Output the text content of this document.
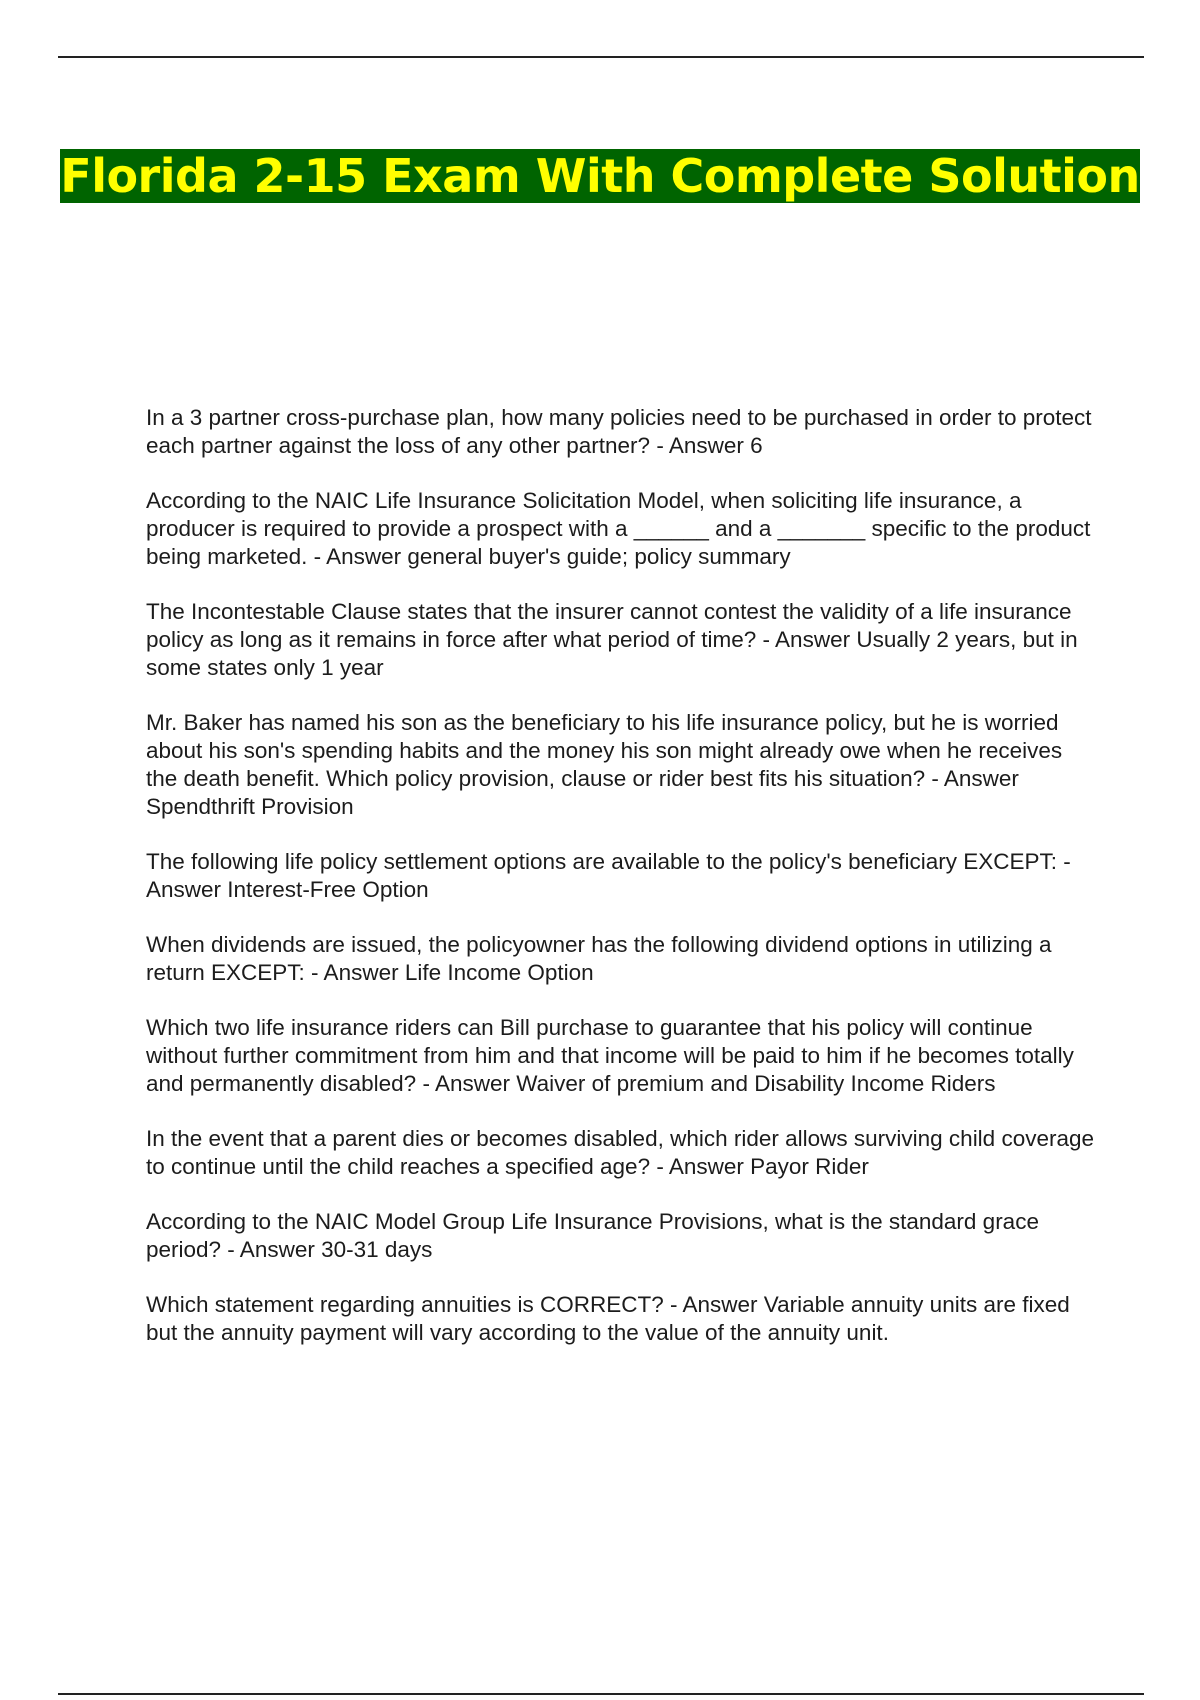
Florida 2-15 Exam With Complete Solution
In a 3 partner cross-purchase plan, how many policies need to be purchased in order to protect each partner against the loss of any other partner? - Answer 6
According to the NAIC Life Insurance Solicitation Model, when soliciting life insurance, a producer is required to provide a prospect with a ______ and a _______ specific to the product being marketed. - Answer general buyer's guide; policy summary
The Incontestable Clause states that the insurer cannot contest the validity of a life insurance policy as long as it remains in force after what period of time? - Answer Usually 2 years, but in some states only 1 year
Mr. Baker has named his son as the beneficiary to his life insurance policy, but he is worried about his son's spending habits and the money his son might already owe when he receives the death benefit. Which policy provision, clause or rider best fits his situation? - Answer Spendthrift Provision
The following life policy settlement options are available to the policy's beneficiary EXCEPT: - Answer Interest-Free Option
When dividends are issued, the policyowner has the following dividend options in utilizing a return EXCEPT: - Answer Life Income Option
Which two life insurance riders can Bill purchase to guarantee that his policy will continue without further commitment from him and that income will be paid to him if he becomes totally and permanently disabled? - Answer Waiver of premium and Disability Income Riders
In the event that a parent dies or becomes disabled, which rider allows surviving child coverage to continue until the child reaches a specified age? - Answer Payor Rider
According to the NAIC Model Group Life Insurance Provisions, what is the standard grace period? - Answer 30-31 days
Which statement regarding annuities is CORRECT? - Answer Variable annuity units are fixed but the annuity payment will vary according to the value of the annuity unit.
